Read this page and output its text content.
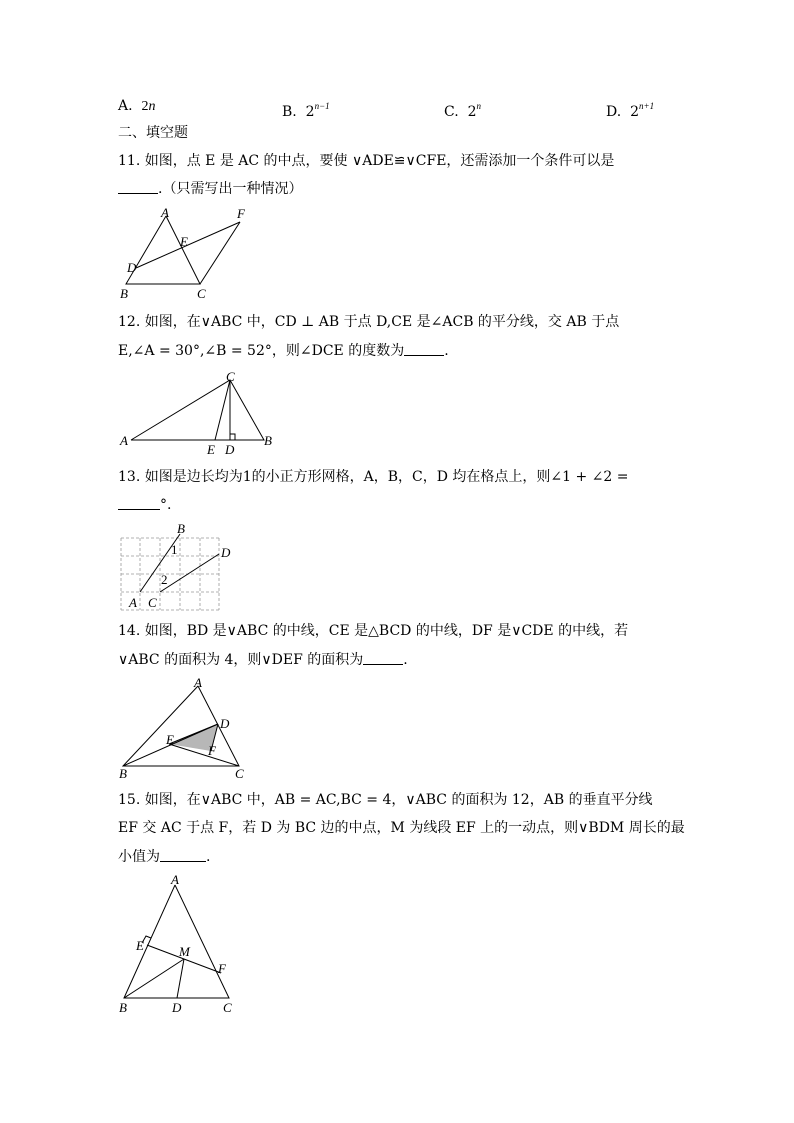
A. 2n	B. $2^{n-1}$	C. 2$^n$	D. $2^{n+1}$
二、填空题
11. 如图，点 E 是 AC 的中点，要使 ∨ADE≌∨CFE，还需添加一个条件可以是
.（只需写出一种情况）
A	F
E
D
B	C
12. 如图，在∨ABC 中，CD ⊥ AB 于点 D,CE 是∠ACB 的平分线，交 AB 于点
E,∠A = 30°,∠B = 52°，则∠DCE 的度数为	.
C
A	B
E D
13. 如图是边长均为1的小正方形网格，A，B，C，D 均在格点上，则∠1 + ∠2 =
°.
B
D
1
2
A C
14. 如图，BD 是∨ABC 的中线，CE 是△BCD 的中线，DF 是∨CDE 的中线，若
∨ABC 的面积为 4，则∨DEF 的面积为	.
A
D
E
F
B	C
15. 如图，在∨ABC 中，AB = AC,BC = 4，∨ABC 的面积为 12，AB 的垂直平分线
EF 交 AC 于点 F，若 D 为 BC 边的中点，M 为线段 EF 上的一动点，则∨BDM 周长的最
小值为	.
A
E	M
F
B	D	C
